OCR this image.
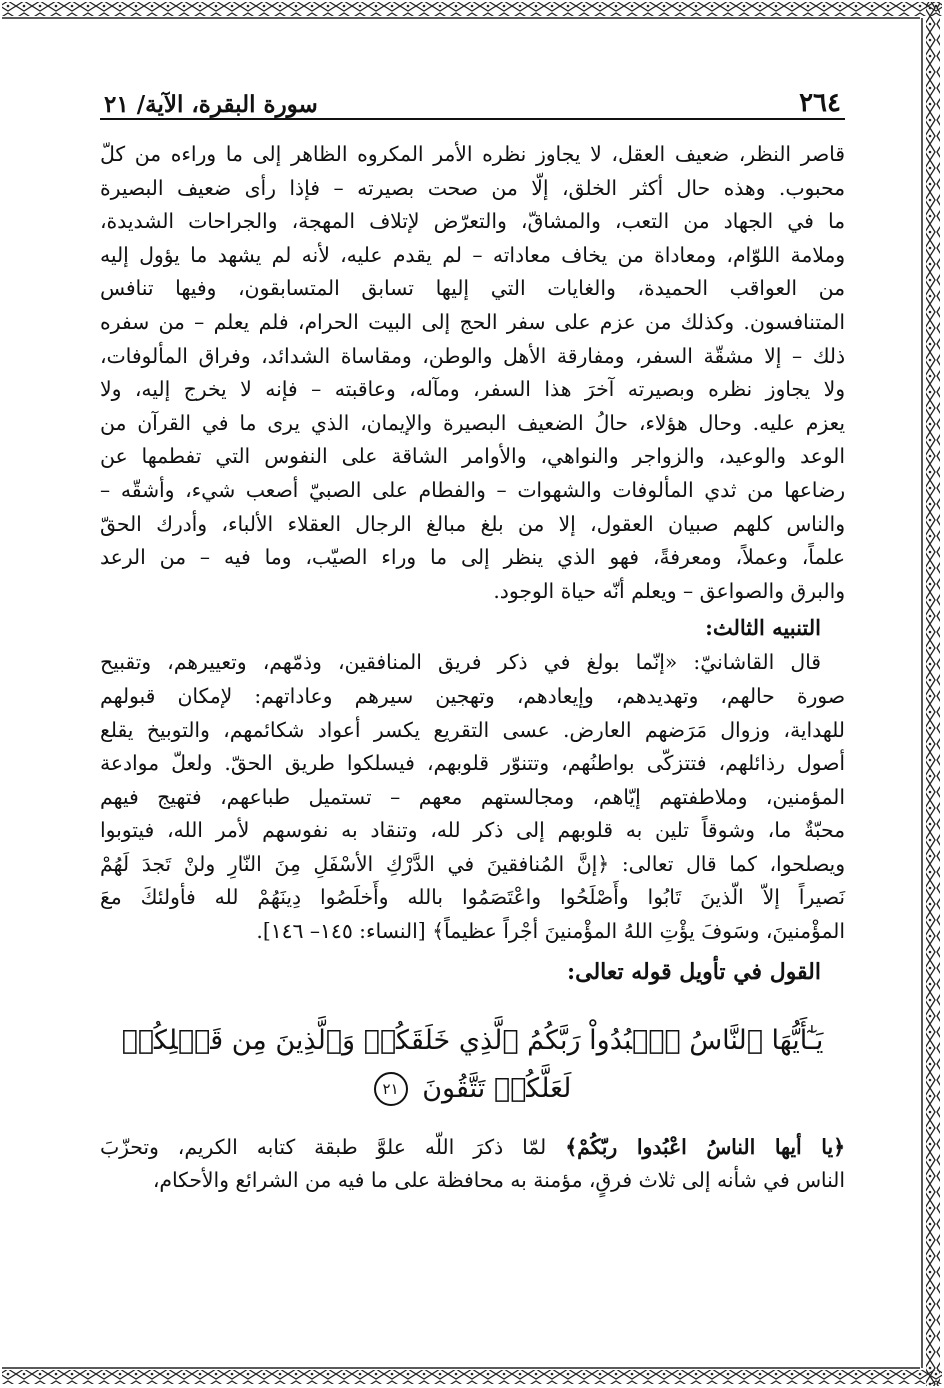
٢٦٤
سورة البقرة، الآية/ ٢١

قاصر النظر، ضعيف العقل، لا يجاوز نظره الأمر المكروه الظاهر إلى ما وراءه من كلّ
محبوب. وهذه حال أكثر الخلق، إلّا من صحت بصيرته – فإذا رأى ضعيف البصيرة
ما في الجهاد من التعب، والمشاقّ، والتعرّض لإتلاف المهجة، والجراحات الشديدة،
وملامة اللوّام، ومعاداة من يخاف معاداته – لم يقدم عليه، لأنه لم يشهد ما يؤول إليه
من العواقب الحميدة، والغايات التي إليها تسابق المتسابقون، وفيها تنافس
المتنافسون. وكذلك من عزم على سفر الحج إلى البيت الحرام، فلم يعلم – من سفره
ذلك – إلا مشقّة السفر، ومفارقة الأهل والوطن، ومقاساة الشدائد، وفراق المألوفات،
ولا يجاوز نظره وبصيرته آخرَ هذا السفر، ومآله، وعاقبته – فإنه لا يخرج إليه، ولا
يعزم عليه. وحال هؤلاء، حالُ الضعيف البصيرة والإيمان، الذي يرى ما في القرآن من
الوعد والوعيد، والزواجر والنواهي، والأوامر الشاقة على النفوس التي تفطمها عن
رضاعها من ثدي المألوفات والشهوات – والفطام على الصبيّ أصعب شيء، وأشقّه –
والناس كلهم صبيان العقول، إلا من بلغ مبالغ الرجال العقلاء الألباء، وأدرك الحقّ
علماً، وعملاً، ومعرفةً، فهو الذي ينظر إلى ما وراء الصيّب، وما فيه – من الرعد
والبرق والصواعق – ويعلم أنّه حياة الوجود.

التنبيه الثالث:

قال القاشانيّ: «إنّما بولغ في ذكر فريق المنافقين، وذمّهم، وتعييرهم، وتقبيح
صورة حالهم، وتهديدهم، وإيعادهم، وتهجين سيرهم وعاداتهم: لإمكان قبولهم
للهداية، وزوال مَرَضهم العارض. عسى التقريع يكسر أعواد شكائمهم، والتوبيخ يقلع
أصول رذائلهم، فتتزكّى بواطنُهم، وتتنوّر قلوبهم، فيسلكوا طريق الحقّ. ولعلّ موادعة
المؤمنين، وملاطفتهم إيّاهم، ومجالستهم معهم – تستميل طباعهم، فتهيج فيهم
محبّةٌ ما، وشوقاً تلين به قلوبهم إلى ذكر لله، وتنقاد به نفوسهم لأمر الله، فيتوبوا
ويصلحوا، كما قال تعالى: ﴿إنَّ المُنافقينَ في الدَّرْكِ الأسْفَلِ مِنَ النّارِ ولنْ تَجدَ لَهُمْ
نَصيراً إلاّ الّذينَ تَابُوا وأَصْلَحُوا واعْتَصَمُوا بالله وأَخلَصُوا دِينَهُمْ لله فأولئكَ معَ
المؤْمنينَ، وسَوفَ يؤْتِ اللهُ المؤْمنينَ أجْراً عظيماً﴾ [النساء: ١٤٥– ١٤٦].

القول في تأويل قوله تعالى:
يَـٰٓأَيُّهَا ٱلنَّاسُ ٱعۡبُدُواْ رَبَّكُمُ ٱلَّذِي خَلَقَكُمۡ وَٱلَّذِينَ مِن قَبۡلِكُمۡ لَعَلَّكُمۡ تَتَّقُونَ ٢١

﴿يا أيها الناسُ اعْبُدوا ربّكُمْ﴾ لمّا ذكرَ اللّه علوَّ طبقة كتابه الكريم، وتحزّبَ
الناس في شأنه إلى ثلاث فرقٍ، مؤمنة به محافظة على ما فيه من الشرائع والأحكام،
